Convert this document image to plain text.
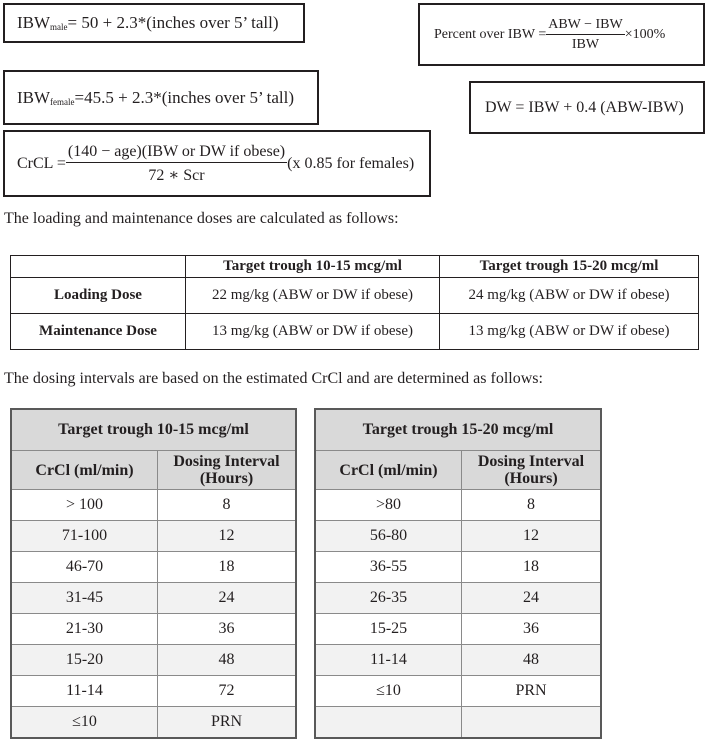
IBW male = 50 + 2.3*(inches over 5’ tall)
IBW female = 45.5 + 2.3*(inches over 5’ tall)
Percent over IBW = $\frac{\text{ABW − IBW}}{\text{IBW}} \times 100\%$
DW = IBW + 0.4 (ABW-IBW)
CrCL = $\frac{\text{(140 − age)(IBW or DW if obese)}}{\text{72 ∗ Scr}} (x$ 0.85 for females)
The loading and maintenance doses are calculated as follows:
	Target trough 10-15 mcg/ml	Target trough 15-20 mcg/ml
Loading Dose	22 mg/kg (ABW or DW if obese)	24 mg/kg (ABW or DW if obese)
Maintenance Dose	13 mg/kg (ABW or DW if obese)	13 mg/kg (ABW or DW if obese)
The dosing intervals are based on the estimated CrCl and are determined as follows:
Target trough 10-15 mcg/ml	
CrCl (ml/min)	Dosing Interval
(Hours)
> 100	8
71-100	12
46-70	18
31-45	24
21-30	36
15-20	48
11-14	72
≤10	PRN
Target trough 15-20 mcg/ml	
CrCl (ml/min)	Dosing Interval
(Hours)
>80	8
56-80	12
36-55	18
26-35	24
15-25	36
11-14	48
≤10	PRN
